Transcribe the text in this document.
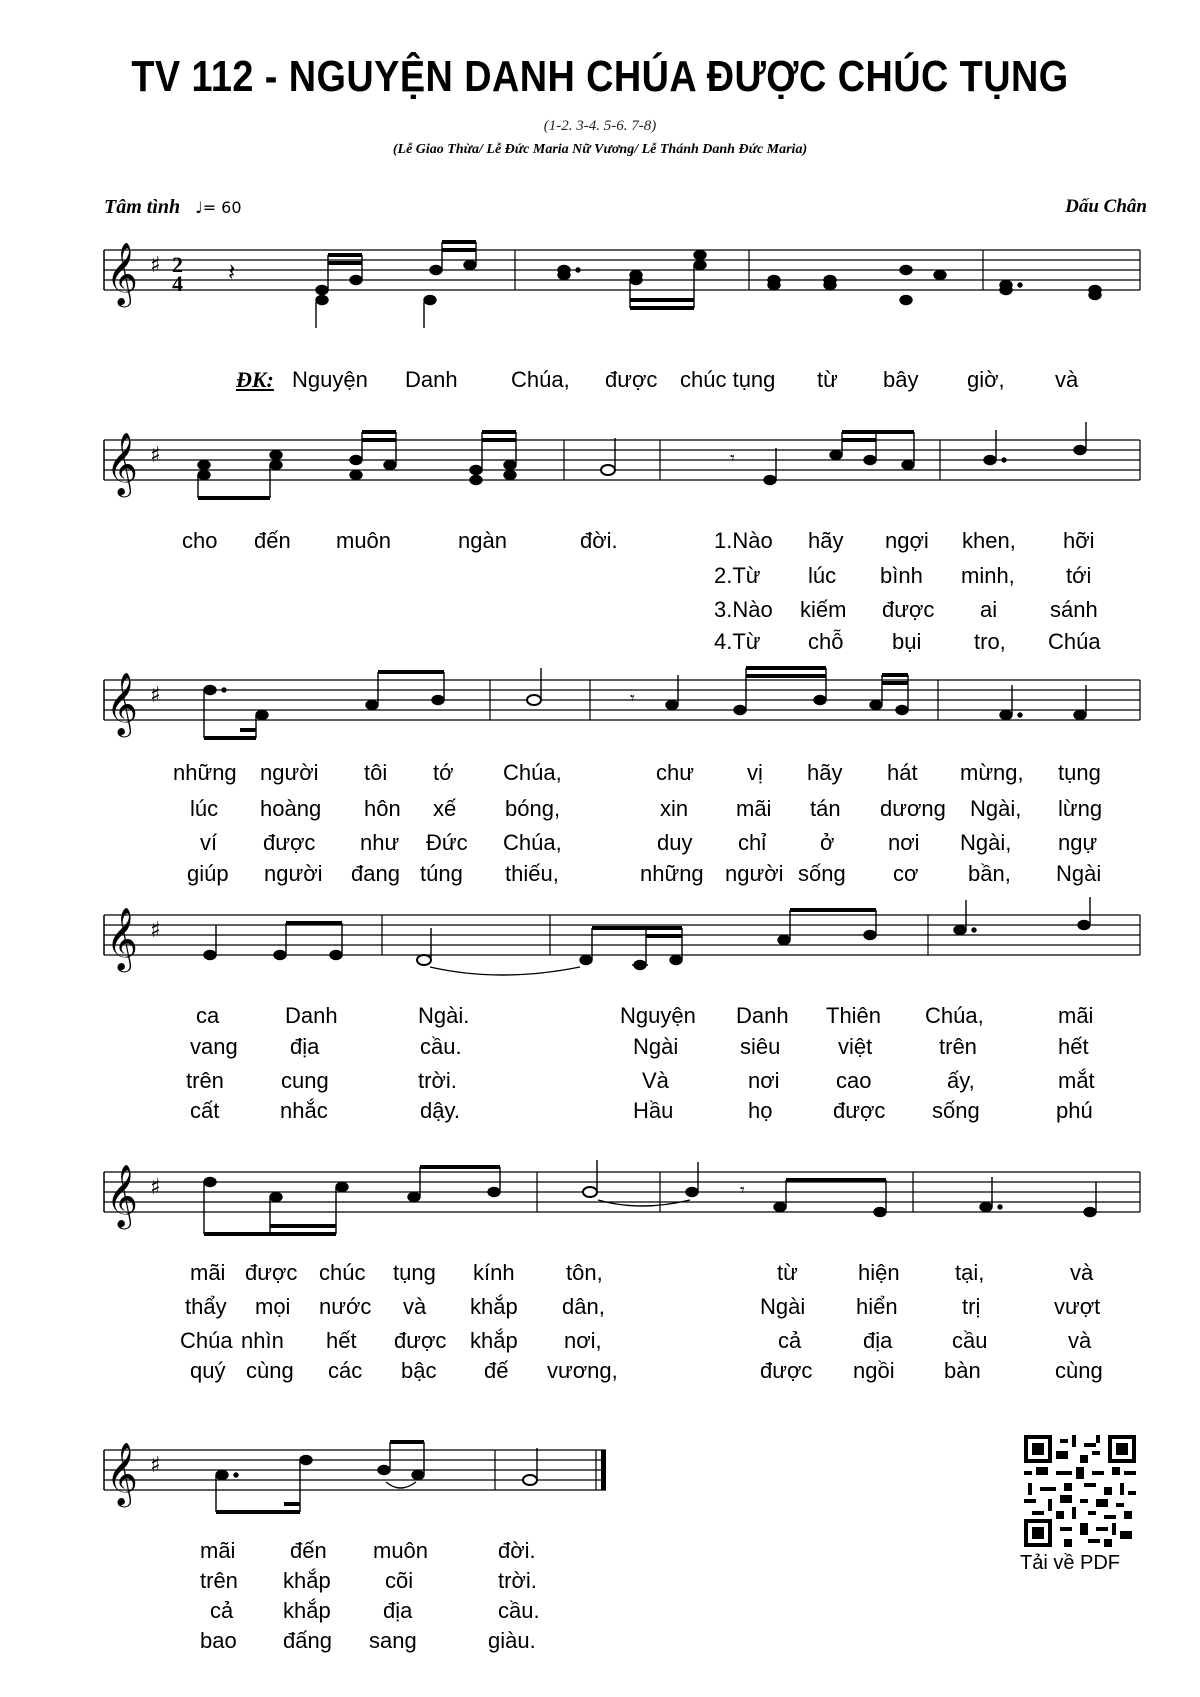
TV 112 - NGUYỆN DANH CHÚA ĐƯỢC CHÚC TỤNG
(1-2. 3-4. 5-6. 7-8)
(Lễ Giao Thừa/ Lễ Đức Maria Nữ Vương/ Lễ Thánh Danh Đức Maria)
Tâm tình ♩= 60	Dấu Chân
𝄞 ♯ 2
4 𝄽
ĐK: Nguyện Danh Chúa, được chúc tụng từ bây giờ, và
𝄞 ♯	𝄾
cho đến muôn	ngàn	đời.	1.Nào hãy ngợi khen, hỡi
2.Từ lúc bình minh, tới
3.Nào kiếm được ai sánh
4.Từ chỗ bụi tro, Chúa
𝄞 ♯	𝄾
những người tôi tớ Chúa,	chư vị hãy hát mừng, tụng
lúc hoàng hôn xế bóng,	xin mãi tán dương Ngài, lừng
ví được như Đức Chúa,	duy chỉ ở nơi Ngài, ngự
giúp người đang túng thiếu,	những người sống cơ bần, Ngài
𝄞 ♯
ca	Danh	Ngài.	Nguyện Danh Thiên Chúa,	mãi
vang địa	cầu.	Ngài	siêu	việt	trên	hết
trên	cung	trời.	Và	nơi	cao	ấy,	mắt
cất	nhắc	dậy.	Hầu	họ	được sống	phú
𝄞 ♯	𝄾
mãi được chúc tụng kính tôn,	từ	hiện	tại,	và
thẩy mọi nước và khắp dân,	Ngài hiển	trị	vượt
Chúa nhìn hết được khắp nơi,	cả	địa	cầu	và
quý cùng các bậc đế vương,	được ngồi bàn	cùng
𝄞 ♯
mãi đến muôn	đời.
trên khắp cõi	trời.
cả khắp địa	cầu.
bao đấng sang	giàu.
Tải về PDF
